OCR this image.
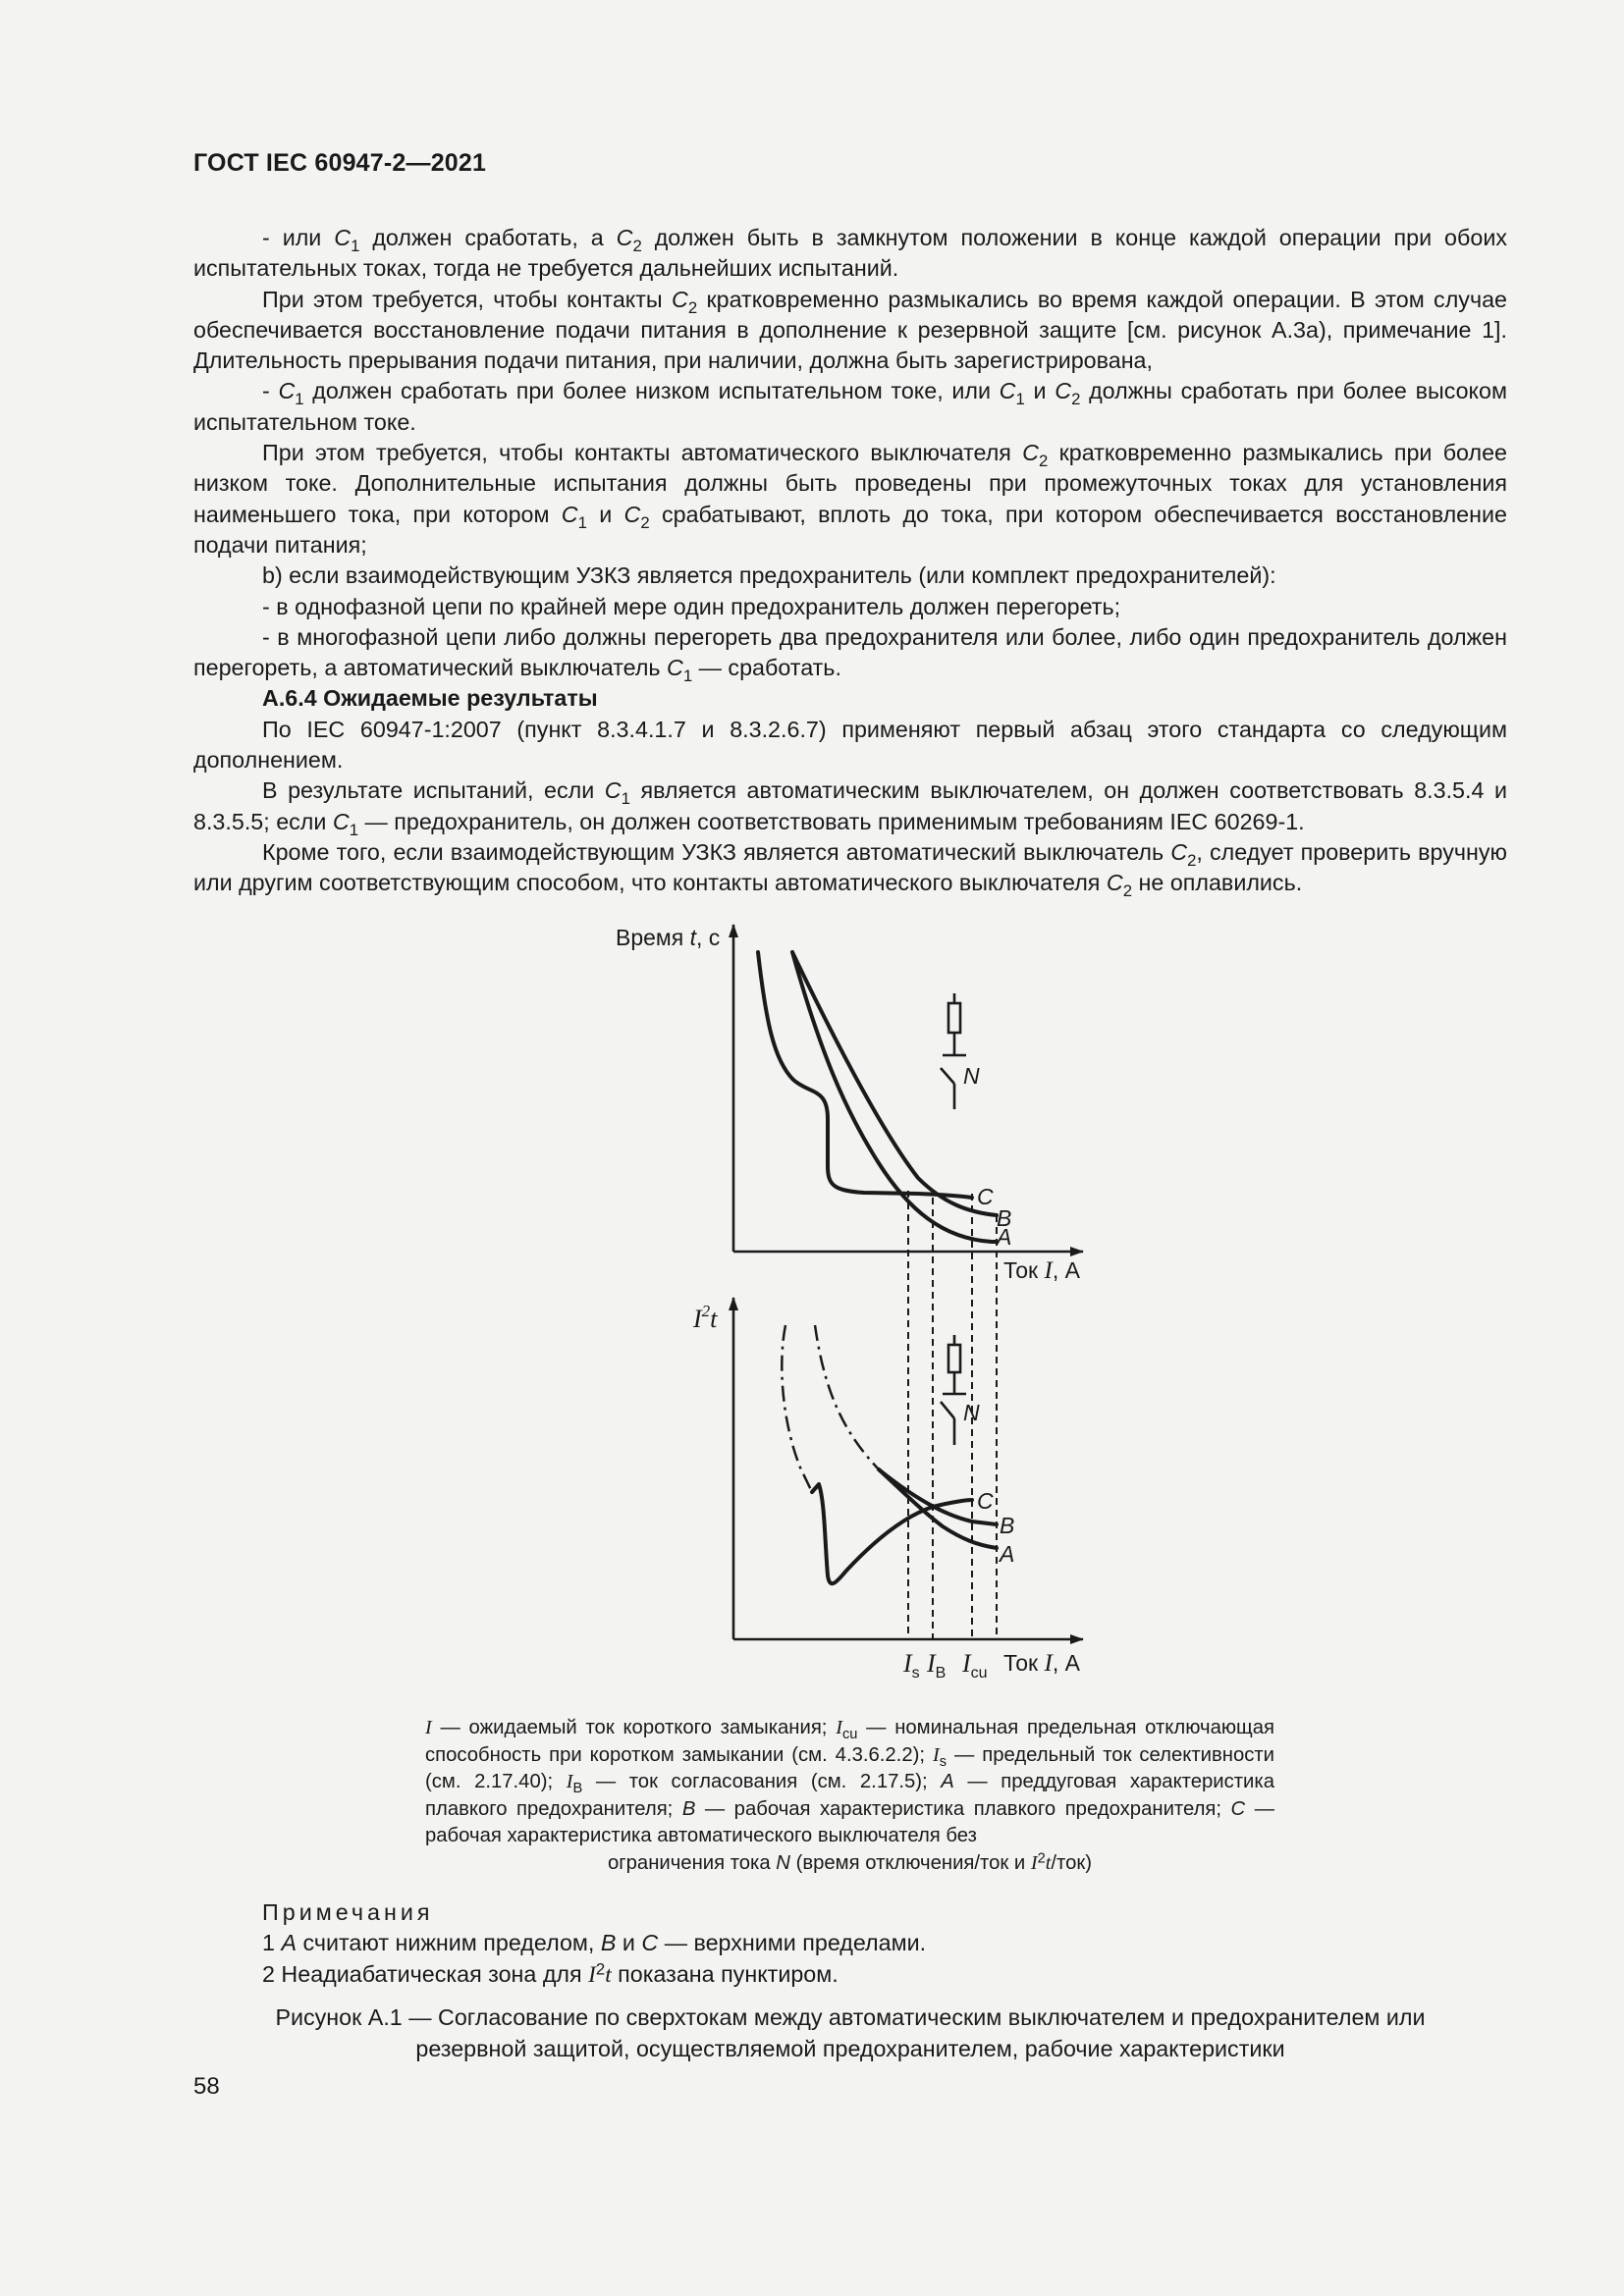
ГОСТ IEC 60947-2—2021

- или $C_1$ должен сработать, а $C_2$ должен быть в замкнутом положении в конце каждой операции при обоих испытательных токах, тогда не требуется дальнейших испытаний.

При этом требуется, чтобы контакты $C_2$ кратковременно размыкались во время каждой операции. В этом случае обеспечивается восстановление подачи питания в дополнение к резервной защите [см. рисунок А.3а), примечание 1]. Длительность прерывания подачи питания, при наличии, должна быть зарегистрирована,

- $C_1$ должен сработать при более низком испытательном токе, или $C_1$ и $C_2$ должны сработать при более высоком испытательном токе.

При этом требуется, чтобы контакты автоматического выключателя $C_2$ кратковременно размыкались при более низком токе. Дополнительные испытания должны быть проведены при промежуточных токах для установления наименьшего тока, при котором $C_1$ и $C_2$ срабатывают, вплоть до тока, при котором обеспечивается восстановление подачи питания;

b) если взаимодействующим УЗКЗ является предохранитель (или комплект предохранителей):

- в однофазной цепи по крайней мере один предохранитель должен перегореть;

- в многофазной цепи либо должны перегореть два предохранителя или более, либо один предохранитель должен перегореть, а автоматический выключатель $C_1$ — сработать.

А.6.4 Ожидаемые результаты

По IEC 60947-1:2007 (пункт 8.3.4.1.7 и 8.3.2.6.7) применяют первый абзац этого стандарта со следующим дополнением.

В результате испытаний, если $C_1$ является автоматическим выключателем, он должен соответствовать 8.3.5.4 и 8.3.5.5; если $C_1$ — предохранитель, он должен соответствовать применимым требованиям IEC 60269-1.

Кроме того, если взаимодействующим УЗКЗ является автоматический выключатель $C_2$, следует проверить вручную или другим соответствующим способом, что контакты автоматического выключателя $C_2$ не оплавились.

Время t, с
Ток I, А
C
B
A
N
$I^2t$
C
B
A
N
$I_s$ $I_B$ $I_{cu}$ Ток I, А
I — ожидаемый ток короткого замыкания; $I_{cu}$ — номинальная предельная отключающая способность при коротком замыкании (см. 4.3.6.2.2); $I_s$ — предельный ток селективности (см. 2.17.40); $I_B$ — ток согласования (см. 2.17.5); A — преддуговая характеристика плавкого предохранителя; B — рабочая характеристика плавкого предохранителя; C — рабочая характеристика автоматического выключателя без
ограничения тока N (время отключения/ток и $I^2t/ток$)
Примечания
1 A считают нижним пределом, B и C — верхними пределами.
2 Неадиабатическая зона для $I^2t$ показана пунктиром.
Рисунок А.1 — Согласование по сверхтокам между автоматическим выключателем и предохранителем или
резервной защитой, осуществляемой предохранителем, рабочие характеристики
58
